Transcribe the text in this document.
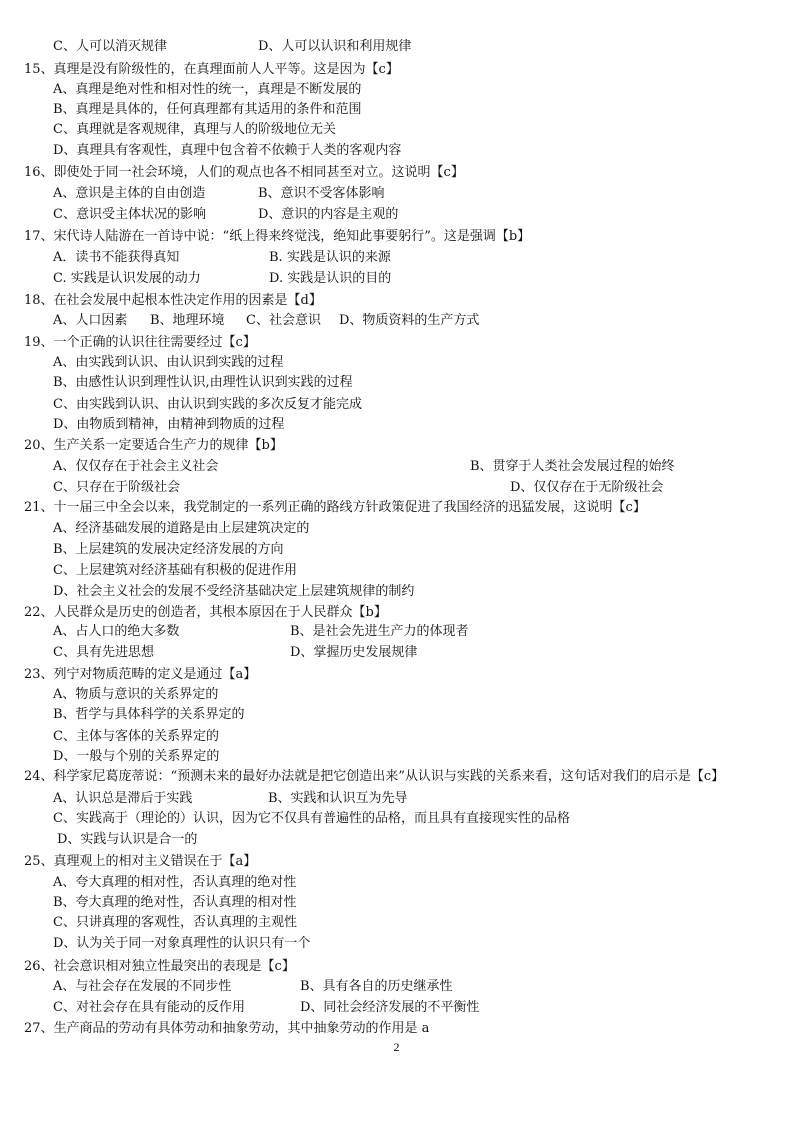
C、人可以消灭规律	D、人可以认识和利用规律
15、真理是没有阶级性的，在真理面前人人平等。这是因为【c】
A、真理是绝对性和相对性的统一，真理是不断发展的
B、真理是具体的，任何真理都有其适用的条件和范围
C、真理就是客观规律，真理与人的阶级地位无关
D、真理具有客观性，真理中包含着不依赖于人类的客观内容
16、即使处于同一社会环境，人们的观点也各不相同甚至对立。这说明【c】
A、意识是主体的自由创造	B、意识不受客体影响
C、意识受主体状况的影响	D、意识的内容是主观的
17、宋代诗人陆游在一首诗中说：“纸上得来终觉浅，绝知此事要躬行”。这是强调【b】
A．读书不能获得真知	B. 实践是认识的来源
C. 实践是认识发展的动力	D. 实践是认识的目的
18、在社会发展中起根本性决定作用的因素是【d】
A、人口因素 B、地理环境 C、社会意识 D、物质资料的生产方式
19、一个正确的认识往往需要经过【c】
A、由实践到认识、由认识到实践的过程
B、由感性认识到理性认识,由理性认识到实践的过程
C、由实践到认识、由认识到实践的多次反复才能完成
D、由物质到精神，由精神到物质的过程
20、生产关系一定要适合生产力的规律【b】
A、仅仅存在于社会主义社会	B、贯穿于人类社会发展过程的始终
C、只存在于阶级社会	D、仅仅存在于无阶级社会
21、十一届三中全会以来，我党制定的一系列正确的路线方针政策促进了我国经济的迅猛发展，这说明【c】
A、经济基础发展的道路是由上层建筑决定的
B、上层建筑的发展决定经济发展的方向
C、上层建筑对经济基础有积极的促进作用
D、社会主义社会的发展不受经济基础决定上层建筑规律的制约
22、人民群众是历史的创造者，其根本原因在于人民群众【b】
A、占人口的绝大多数	B、是社会先进生产力的体现者
C、具有先进思想	D、掌握历史发展规律
23、列宁对物质范畴的定义是通过【a】
A、物质与意识的关系界定的
B、哲学与具体科学的关系界定的
C、主体与客体的关系界定的
D、一般与个别的关系界定的
24、科学家尼葛庞蒂说：“预测未来的最好办法就是把它创造出来”从认识与实践的关系来看，这句话对我们的启示是【c】
A、认识总是滞后于实践	B、实践和认识互为先导
C、实践高于（理论的）认识，因为它不仅具有普遍性的品格，而且具有直接现实性的品格
D、实践与认识是合一的
25、真理观上的相对主义错误在于【a】
A、夸大真理的相对性，否认真理的绝对性
B、夸大真理的绝对性，否认真理的相对性
C、只讲真理的客观性，否认真理的主观性
D、认为关于同一对象真理性的认识只有一个
26、社会意识相对独立性最突出的表现是【c】
A、与社会存在发展的不同步性	B、具有各自的历史继承性
C、对社会存在具有能动的反作用	D、同社会经济发展的不平衡性
27、生产商品的劳动有具体劳动和抽象劳动，其中抽象劳动的作用是 a
2
